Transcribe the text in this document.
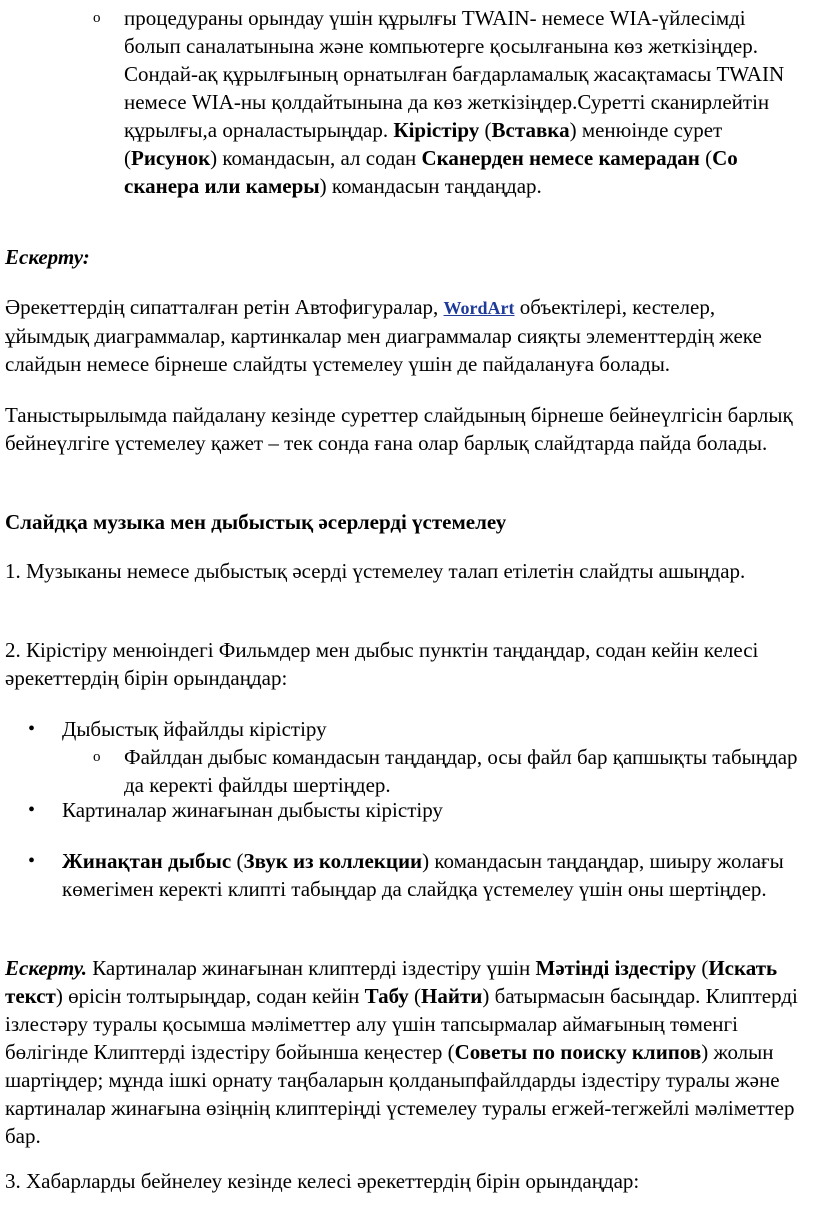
o процедураны орындау үшін құрылғы TWAIN- немесе WIA-үйлесімді болып саналатынына және компьютерге қосылғанына көз жеткізіңдер. Сондай-ақ құрылғының орнатылған бағдарламалық жасақтамасы TWAIN немесе WIA-ны қолдайтынына да көз жеткізіңдер.Суретті сканирлейтін құрылғы,а орналастырыңдар. Кірістіру (Вставка) менюінде сурет (Рисунок) командасын, ал содан Сканерден немесе камерадан (Со сканера или камеры) командасын таңдаңдар.

Ескерту:

Әрекеттердің сипатталған ретін Автофигуралар, WordArt объектілері, кестелер, ұйымдық диаграммалар, картинкалар мен диаграммалар сияқты элементтердің жеке слайдын немесе бірнеше слайдты үстемелеу үшін де пайдалануға болады.

Таныстырылымда пайдалану кезінде суреттер слайдының бірнеше бейнеүлгісін барлық бейнеүлгіге үстемелеу қажет – тек сонда ғана олар барлық слайдтарда пайда болады.

Слайдқа музыка мен дыбыстық әсерлерді үстемелеу

1. Музыканы немесе дыбыстық әсерді үстемелеу талап етілетін слайдты ашыңдар.

2. Кірістіру менюіндегі Фильмдер мен дыбыс пунктін таңдаңдар, содан кейін келесі әрекеттердің бірін орындаңдар:

• Дыбыстық йфайлды кірістіру

o Файлдан дыбыс командасын таңдаңдар, осы файл бар қапшықты табыңдар да керекті файлды шертіңдер.

• Картиналар жинағынан дыбысты кірістіру

• Жинақтан дыбыс (Звук из коллекции) командасын таңдаңдар, шиыру жолағы көмегімен керекті клипті табыңдар да слайдқа үстемелеу үшін оны шертіңдер.

Ескерту. Картиналар жинағынан клиптерді іздестіру үшін Мәтінді іздестіру (Искать текст) өрісін толтырыңдар, содан кейін Табу (Найти) батырмасын басыңдар. Клиптерді ізлестәру туралы қосымша мәліметтер алу үшін тапсырмалар аймағының төменгі бөлігінде Клиптерді іздестіру бойынша кеңестер (Советы по поиску клипов) жолын шартіңдер; мұнда ішкі орнату таңбаларын қолданыпфайлдарды іздестіру туралы және картиналар жинағына өзіңнің клиптеріңді үстемелеу туралы егжей-тегжейлі мәліметтер бар.

3. Хабарларды бейнелеу кезінде келесі әрекеттердің бірін орындаңдар:
